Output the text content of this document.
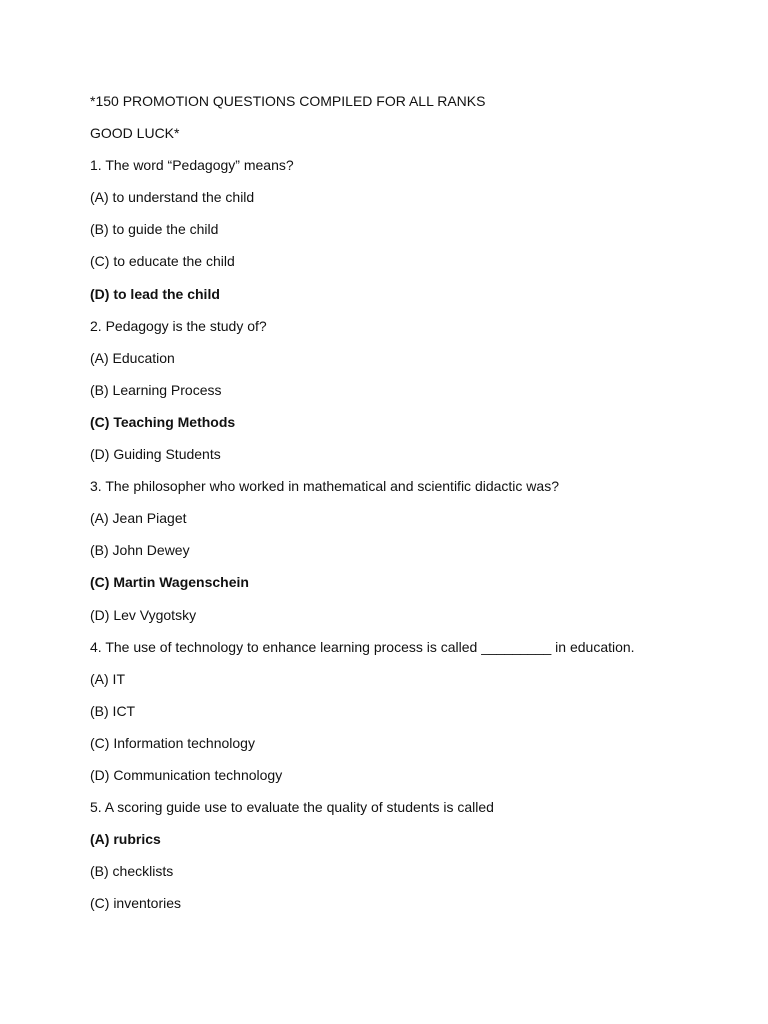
*150 PROMOTION QUESTIONS COMPILED FOR ALL RANKS
GOOD LUCK*
1. The word “Pedagogy” means?
(A) to understand the child
(B) to guide the child
(C) to educate the child
(D) to lead the child
2. Pedagogy is the study of?
(A) Education
(B) Learning Process
(C) Teaching Methods
(D) Guiding Students
3. The philosopher who worked in mathematical and scientific didactic was?
(A) Jean Piaget
(B) John Dewey
(C) Martin Wagenschein
(D) Lev Vygotsky
4. The use of technology to enhance learning process is called _________ in education.
(A) IT
(B) ICT
(C) Information technology
(D) Communication technology
5. A scoring guide use to evaluate the quality of students is called
(A) rubrics
(B) checklists
(C) inventories
